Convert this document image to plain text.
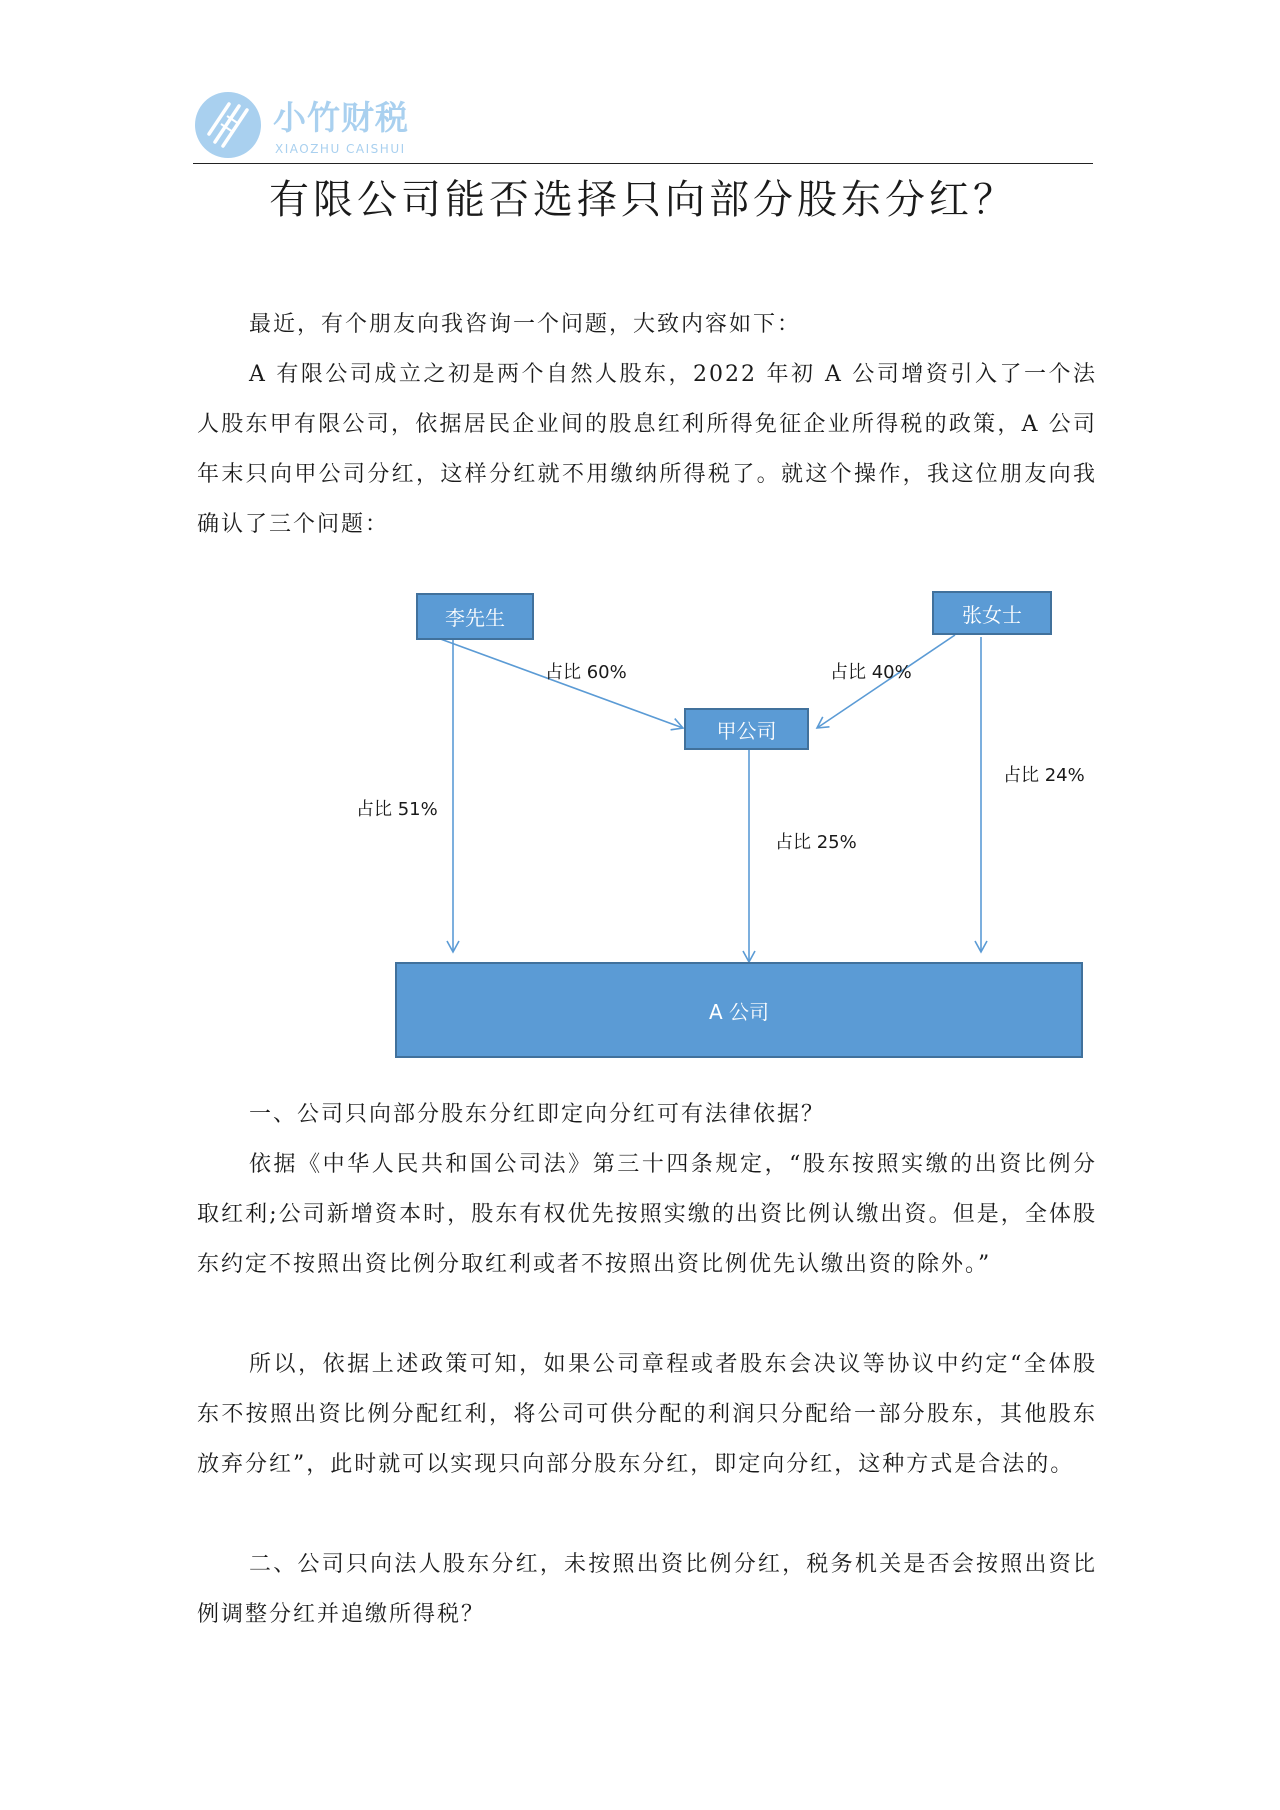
小竹财税
XIAOZHU CAISHUI
有限公司能否选择只向部分股东分红？
最近，有个朋友向我咨询一个问题，大致内容如下：
A 有限公司成立之初是两个自然人股东，2022 年初 A 公司增资引入了一个法人股东甲有限公司，依据居民企业间的股息红利所得免征企业所得税的政策，A 公司年末只向甲公司分红，这样分红就不用缴纳所得税了。就这个操作，我这位朋友向我确认了三个问题：
李先生	张女士
甲公司
A 公司
占比 60%	占比 40%
占比 51%
占比 25%
占比 24%
一、公司只向部分股东分红即定向分红可有法律依据？
依据《中华人民共和国公司法》第三十四条规定，“股东按照实缴的出资比例分取红利;公司新增资本时，股东有权优先按照实缴的出资比例认缴出资。但是，全体股东约定不按照出资比例分取红利或者不按照出资比例优先认缴出资的除外。”
所以，依据上述政策可知，如果公司章程或者股东会决议等协议中约定“全体股东不按照出资比例分配红利，将公司可供分配的利润只分配给一部分股东，其他股东放弃分红”，此时就可以实现只向部分股东分红，即定向分红，这种方式是合法的。
二、公司只向法人股东分红，未按照出资比例分红，税务机关是否会按照出资比例调整分红并追缴所得税？
